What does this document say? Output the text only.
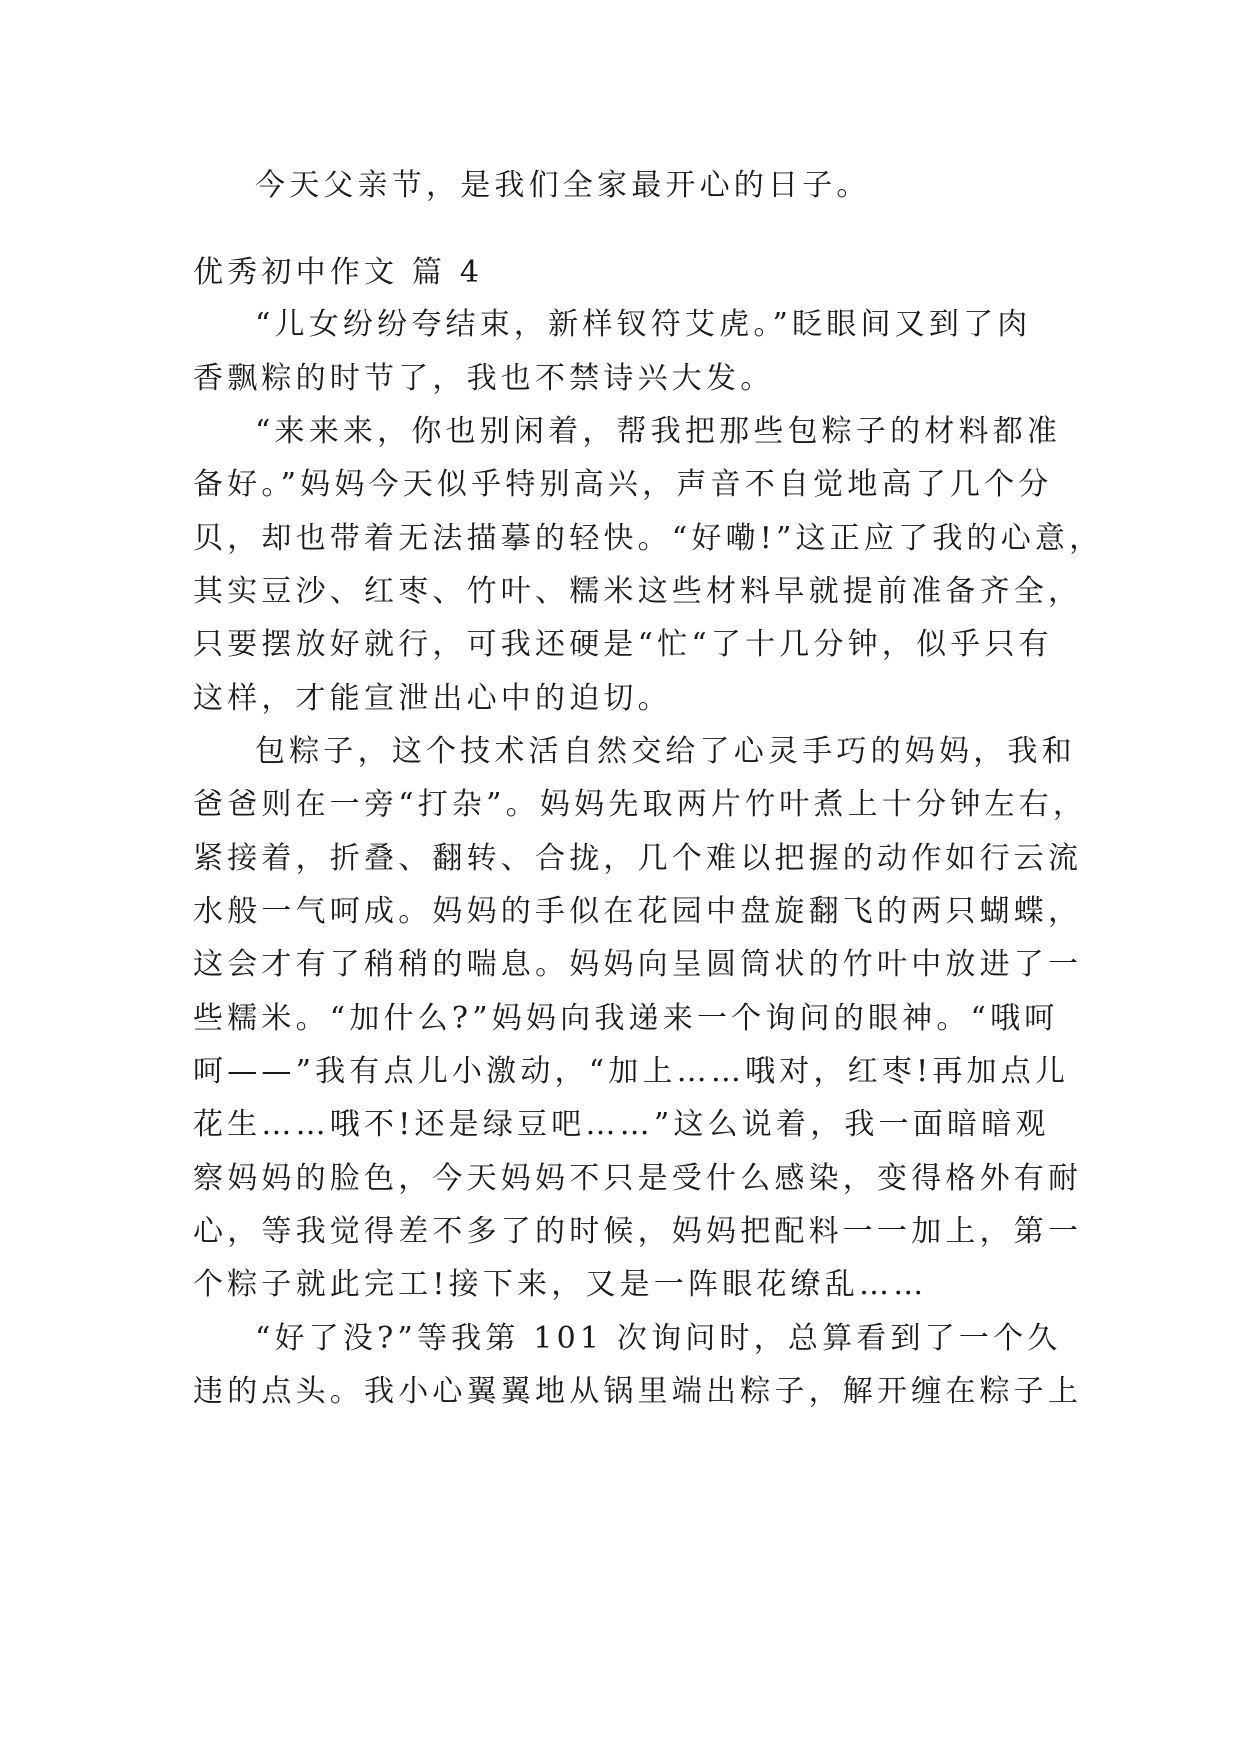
今天父亲节，是我们全家最开心的日子。

优秀初中作文 篇 4

“儿女纷纷夸结束，新样钗符艾虎。”眨眼间又到了肉

香飘粽的时节了，我也不禁诗兴大发。

“来来来，你也别闲着，帮我把那些包粽子的材料都准

备好。”妈妈今天似乎特别高兴，声音不自觉地高了几个分

贝，却也带着无法描摹的轻快。“好嘞!”这正应了我的心意，

其实豆沙、红枣、竹叶、糯米这些材料早就提前准备齐全，

只要摆放好就行，可我还硬是“忙“了十几分钟，似乎只有

这样，才能宣泄出心中的迫切。

包粽子，这个技术活自然交给了心灵手巧的妈妈，我和

爸爸则在一旁“打杂”。妈妈先取两片竹叶煮上十分钟左右，

紧接着，折叠、翻转、合拢，几个难以把握的动作如行云流

水般一气呵成。妈妈的手似在花园中盘旋翻飞的两只蝴蝶，

这会才有了稍稍的喘息。妈妈向呈圆筒状的竹叶中放进了一

些糯米。“加什么?”妈妈向我递来一个询问的眼神。“哦呵

呵——”我有点儿小激动，“加上……哦对，红枣!再加点儿

花生……哦不!还是绿豆吧……”这么说着，我一面暗暗观

察妈妈的脸色，今天妈妈不只是受什么感染，变得格外有耐

心，等我觉得差不多了的时候，妈妈把配料一一加上，第一

个粽子就此完工!接下来，又是一阵眼花缭乱……

“好了没?”等我第 101 次询问时，总算看到了一个久

违的点头。我小心翼翼地从锅里端出粽子，解开缠在粽子上
